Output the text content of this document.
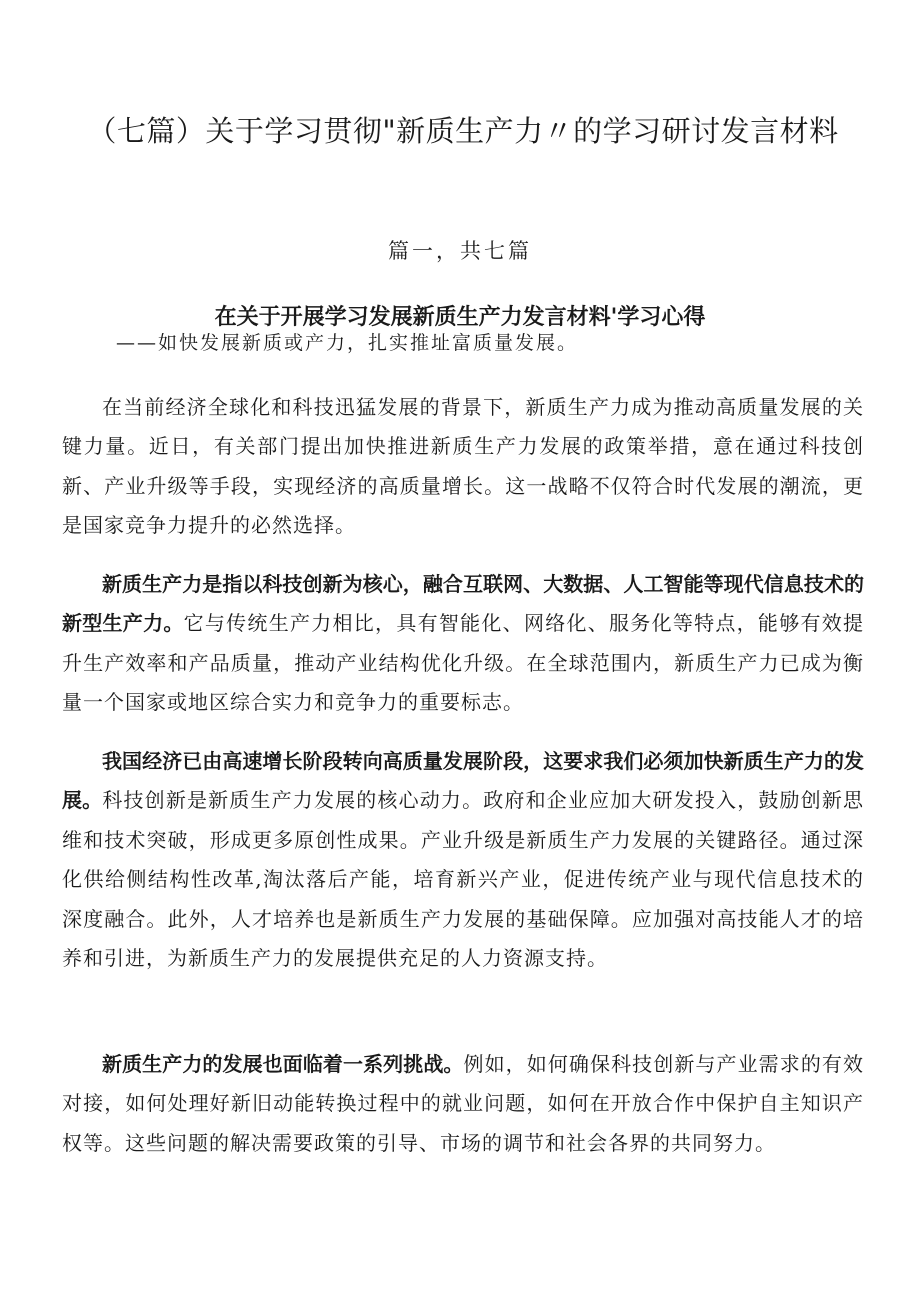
（七篇）关于学习贯彻"新质生产力〃的学习研讨发言材料
篇一，共七篇
在关于开展学习发展新质生产力发言材料'学习心得
——如快发展新质或产力，扎实推址富质量发展。

在当前经济全球化和科技迅猛发展的背景下，新质生产力成为推动高质量发展的关键力量。近日，有关部门提出加快推进新质生产力发展的政策举措，意在通过科技创新、产业升级等手段，实现经济的高质量增长。这一战略不仅符合时代发展的潮流，更是国家竞争力提升的必然选择。

新质生产力是指以科技创新为核心，融合互联网、大数据、人工智能等现代信息技术的新型生产力。它与传统生产力相比，具有智能化、网络化、服务化等特点，能够有效提升生产效率和产品质量，推动产业结构优化升级。在全球范围内，新质生产力已成为衡量一个国家或地区综合实力和竞争力的重要标志。

我国经济已由高速增长阶段转向高质量发展阶段，这要求我们必须加快新质生产力的发展。科技创新是新质生产力发展的核心动力。政府和企业应加大研发投入，鼓励创新思维和技术突破，形成更多原创性成果。产业升级是新质生产力发展的关键路径。通过深化供给侧结构性改革,淘汰落后产能，培育新兴产业，促进传统产业与现代信息技术的深度融合。此外，人才培养也是新质生产力发展的基础保障。应加强对高技能人才的培养和引进，为新质生产力的发展提供充足的人力资源支持。

新质生产力的发展也面临着一系列挑战。例如，如何确保科技创新与产业需求的有效对接，如何处理好新旧动能转换过程中的就业问题，如何在开放合作中保护自主知识产权等。这些问题的解决需要政策的引导、市场的调节和社会各界的共同努力。
